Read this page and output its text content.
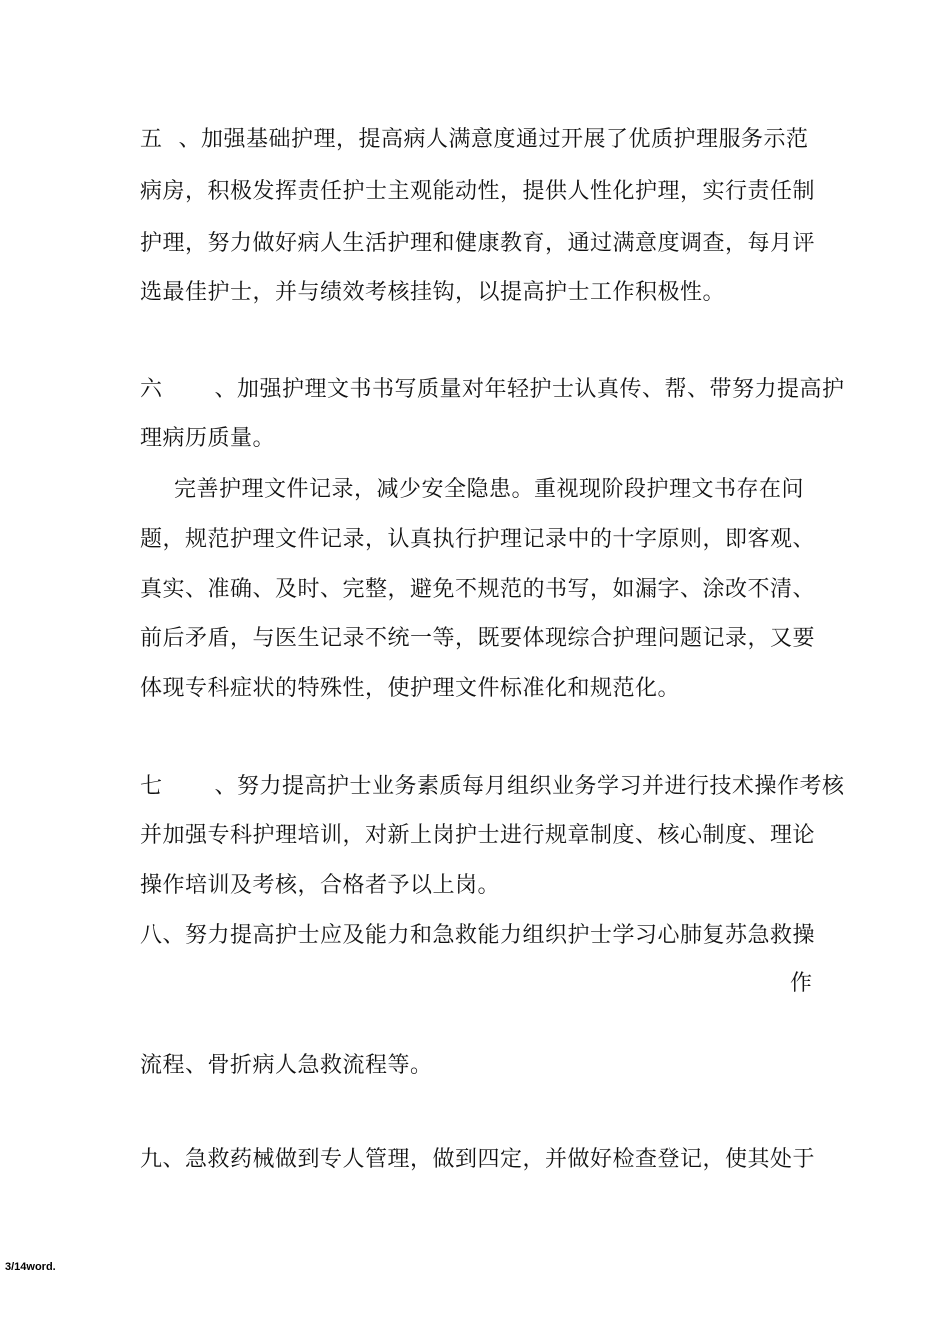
五 、加强基础护理，提高病人满意度通过开展了优质护理服务示范
病房，积极发挥责任护士主观能动性，提供人性化护理，实行责任制
护理，努力做好病人生活护理和健康教育，通过满意度调查，每月评
选最佳护士，并与绩效考核挂钩，以提高护士工作积极性。
六 、加强护理文书书写质量对年轻护士认真传、帮、带努力提高护
理病历质量。
完善护理文件记录，减少安全隐患。重视现阶段护理文书存在问
题，规范护理文件记录，认真执行护理记录中的十字原则，即客观、
真实、准确、及时、完整，避免不规范的书写，如漏字、涂改不清、
前后矛盾，与医生记录不统一等，既要体现综合护理问题记录，又要
体现专科症状的特殊性，使护理文件标准化和规范化。
七 、努力提高护士业务素质每月组织业务学习并进行技术操作考核
并加强专科护理培训，对新上岗护士进行规章制度、核心制度、理论
操作培训及考核，合格者予以上岗。
八、努力提高护士应及能力和急救能力组织护士学习心肺复苏急救操
作
流程、骨折病人急救流程等。
九、急救药械做到专人管理，做到四定，并做好检查登记，使其处于
3/14word.
